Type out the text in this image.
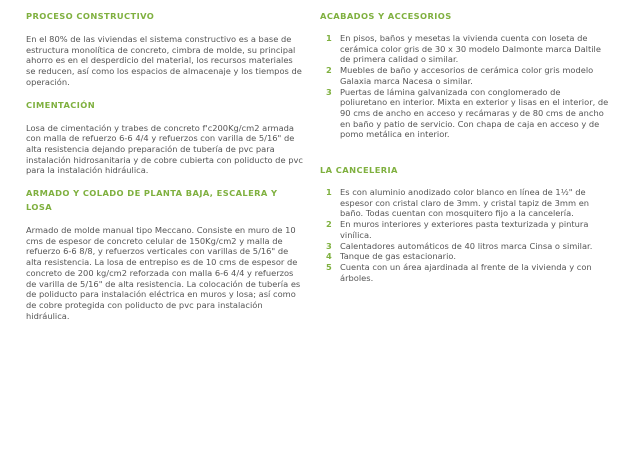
PROCESO CONSTRUCTIVO

En el 80% de las viviendas el sistema constructivo es a base de estructura monolítica de concreto, cimbra de molde, su principal ahorro es en el desperdicio del material, los recursos materiales se reducen, así como los espacios de almacenaje y los tiempos de operación.

CIMENTACIÓN

Losa de cimentación y trabes de concreto f'c200Kg/cm2 armada con malla de refuerzo 6-6 4/4 y refuerzos con varilla de 5/16" de alta resistencia dejando preparación de tubería de pvc para instalación hidrosanitaria y de cobre cubierta con poliducto de pvc para la instalación hidráulica.

ARMADO Y COLADO DE PLANTA BAJA, ESCALERA Y LOSA

Armado de molde manual tipo Meccano. Consiste en muro de 10 cms de espesor de concreto celular de 150Kg/cm2 y malla de refuerzo 6-6 8/8, y refuerzos verticales con varillas de 5/16" de alta resistencia. La losa de entrepiso es de 10 cms de espesor de concreto de 200 kg/cm2 reforzada con malla 6-6 4/4 y refuerzos de varilla de 5/16" de alta resistencia. La colocación de tubería es de poliducto para instalación eléctrica en muros y losa; así como de cobre protegida con poliducto de pvc para instalación hidráulica.

ACABADOS Y ACCESORIOS
1 En pisos, baños y mesetas la vivienda cuenta con loseta de cerámica color gris de 30 x 30 modelo Dalmonte marca Daltile de primera calidad o similar.
2 Muebles de baño y accesorios de cerámica color gris modelo Galaxia marca Nacesa o similar.
3 Puertas de lámina galvanizada con conglomerado de poliuretano en interior. Mixta en exterior y lisas en el interior, de 90 cms de ancho en acceso y recámaras y de 80 cms de ancho en baño y patio de servicio. Con chapa de caja en acceso y de pomo metálica en interior.
LA CANCELERIA
1 Es con aluminio anodizado color blanco en línea de 1½" de espesor con cristal claro de 3mm. y cristal tapiz de 3mm en baño. Todas cuentan con mosquitero fijo a la cancelería.
2 En muros interiores y exteriores pasta texturizada y pintura vinílica.
3 Calentadores automáticos de 40 litros marca Cinsa o similar.
4 Tanque de gas estacionario.
5 Cuenta con un área ajardinada al frente de la vivienda y con árboles.
